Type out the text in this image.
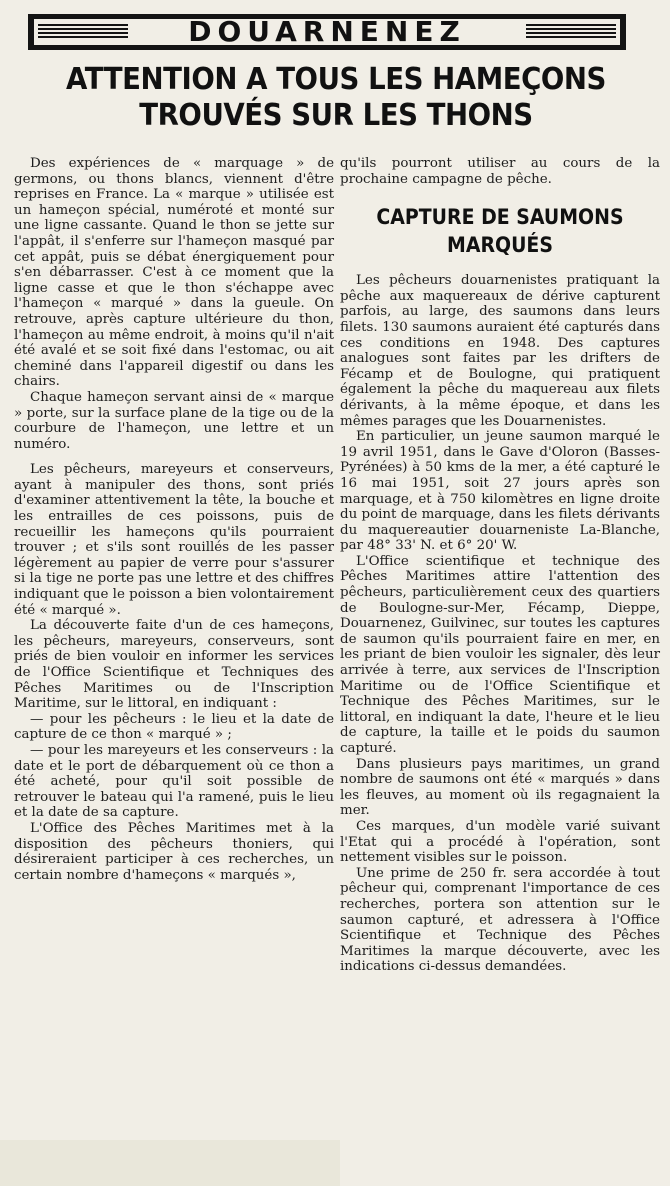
DOUARNENEZ
ATTENTION A TOUS LES HAMEÇONS TROUVÉS SUR LES THONS

Des expériences de « marquage » de germons, ou thons blancs, viennent d'être reprises en France. La « marque » utilisée est un hameçon spécial, numéroté et monté sur une ligne cassante. Quand le thon se jette sur l'appât, il s'enferre sur l'hameçon masqué par cet appât, puis se débat énergiquement pour s'en débarrasser. C'est à ce moment que la ligne casse et que le thon s'échappe avec l'hameçon « marqué » dans la gueule. On retrouve, après capture ultérieure du thon, l'hameçon au même endroit, à moins qu'il n'ait été avalé et se soit fixé dans l'estomac, ou ait cheminé dans l'appareil digestif ou dans les chairs.

Chaque hameçon servant ainsi de « marque » porte, sur la surface plane de la tige ou de la courbure de l'hameçon, une lettre et un numéro.

Les pêcheurs, mareyeurs et conserveurs, ayant à manipuler des thons, sont priés d'examiner attentivement la tête, la bouche et les entrailles de ces poissons, puis de recueillir les hameçons qu'ils pourraient trouver ; et s'ils sont rouillés de les passer légèrement au papier de verre pour s'assurer si la tige ne porte pas une lettre et des chiffres indiquant que le poisson a bien volontairement été « marqué ».

La découverte faite d'un de ces hameçons, les pêcheurs, mareyeurs, conserveurs, sont priés de bien vouloir en informer les services de l'Office Scientifique et Techniques des Pêches Maritimes ou de l'Inscription Maritime, sur le littoral, en indiquant :

— pour les pêcheurs : le lieu et la date de capture de ce thon « marqué » ;

— pour les mareyeurs et les conserveurs : la date et le port de débarquement où ce thon a été acheté, pour qu'il soit possible de retrouver le bateau qui l'a ramené, puis le lieu et la date de sa capture.

L'Office des Pêches Maritimes met à la disposition des pêcheurs thoniers, qui désireraient participer à ces recherches, un certain nombre d'hameçons « marqués »,

qu'ils pourront utiliser au cours de la prochaine campagne de pêche.

CAPTURE DE SAUMONS MARQUÉS

Les pêcheurs douarnenistes pratiquant la pêche aux maquereaux de dérive capturent parfois, au large, des saumons dans leurs filets. 130 saumons auraient été capturés dans ces conditions en 1948. Des captures analogues sont faites par les drifters de Fécamp et de Boulogne, qui pratiquent également la pêche du maquereau aux filets dérivants, à la même époque, et dans les mêmes parages que les Douarnenistes.

En particulier, un jeune saumon marqué le 19 avril 1951, dans le Gave d'Oloron (Basses-Pyrénées) à 50 kms de la mer, a été capturé le 16 mai 1951, soit 27 jours après son marquage, et à 750 kilomètres en ligne droite du point de marquage, dans les filets dérivants du maquereautier douarneniste La-Blanche, par 48° 33' N. et 6° 20' W.

L'Office scientifique et technique des Pêches Maritimes attire l'attention des pêcheurs, particulièrement ceux des quartiers de Boulogne-sur-Mer, Fécamp, Dieppe, Douarnenez, Guilvinec, sur toutes les captures de saumon qu'ils pourraient faire en mer, en les priant de bien vouloir les signaler, dès leur arrivée à terre, aux services de l'Inscription Maritime ou de l'Office Scientifique et Technique des Pêches Maritimes, sur le littoral, en indiquant la date, l'heure et le lieu de capture, la taille et le poids du saumon capturé.

Dans plusieurs pays maritimes, un grand nombre de saumons ont été « marqués » dans les fleuves, au moment où ils regagnaient la mer.

Ces marques, d'un modèle varié suivant l'Etat qui a procédé à l'opération, sont nettement visibles sur le poisson.

Une prime de 250 fr. sera accordée à tout pêcheur qui, comprenant l'importance de ces recherches, portera son attention sur le saumon capturé, et adressera à l'Office Scientifique et Technique des Pêches Maritimes la marque découverte, avec les indications ci-dessus demandées.
